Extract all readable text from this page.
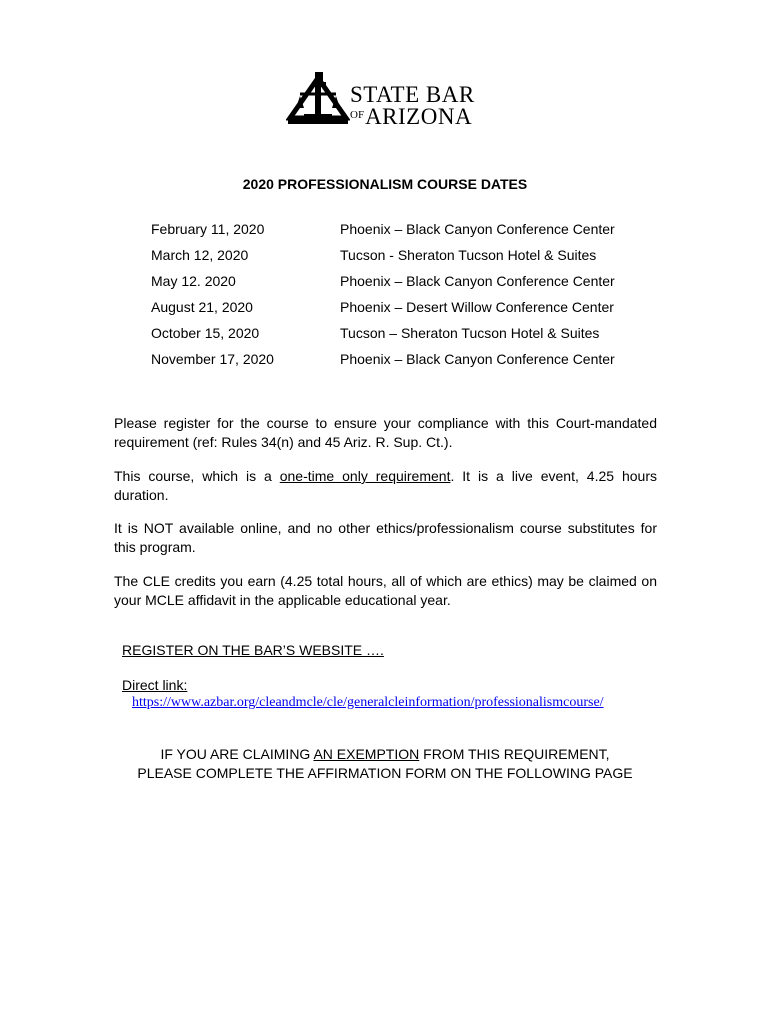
STATE BAR
$^{OF}$ARIZONA
®
2020 PROFESSIONALISM COURSE DATES
February 11, 2020	Phoenix – Black Canyon Conference Center
March 12, 2020	Tucson - Sheraton Tucson Hotel & Suites
May 12. 2020	Phoenix – Black Canyon Conference Center
August 21, 2020	Phoenix – Desert Willow Conference Center
October 15, 2020	Tucson – Sheraton Tucson Hotel & Suites
November 17, 2020	Phoenix – Black Canyon Conference Center
Please register for the course to ensure your compliance with this Court-mandated requirement (ref: Rules 34(n) and 45 Ariz. R. Sup. Ct.).
This course, which is a one-time only requirement. It is a live event, 4.25 hours duration.
It is NOT available online, and no other ethics/professionalism course substitutes for this program.
The CLE credits you earn (4.25 total hours, all of which are ethics) may be claimed on your MCLE affidavit in the applicable educational year.
REGISTER ON THE BAR’S WEBSITE ….
Direct link:
https://www.azbar.org/cleandmcle/cle/generalcleinformation/professionalismcourse/
IF YOU ARE CLAIMING AN EXEMPTION FROM THIS REQUIREMENT,
PLEASE COMPLETE THE AFFIRMATION FORM ON THE FOLLOWING PAGE
